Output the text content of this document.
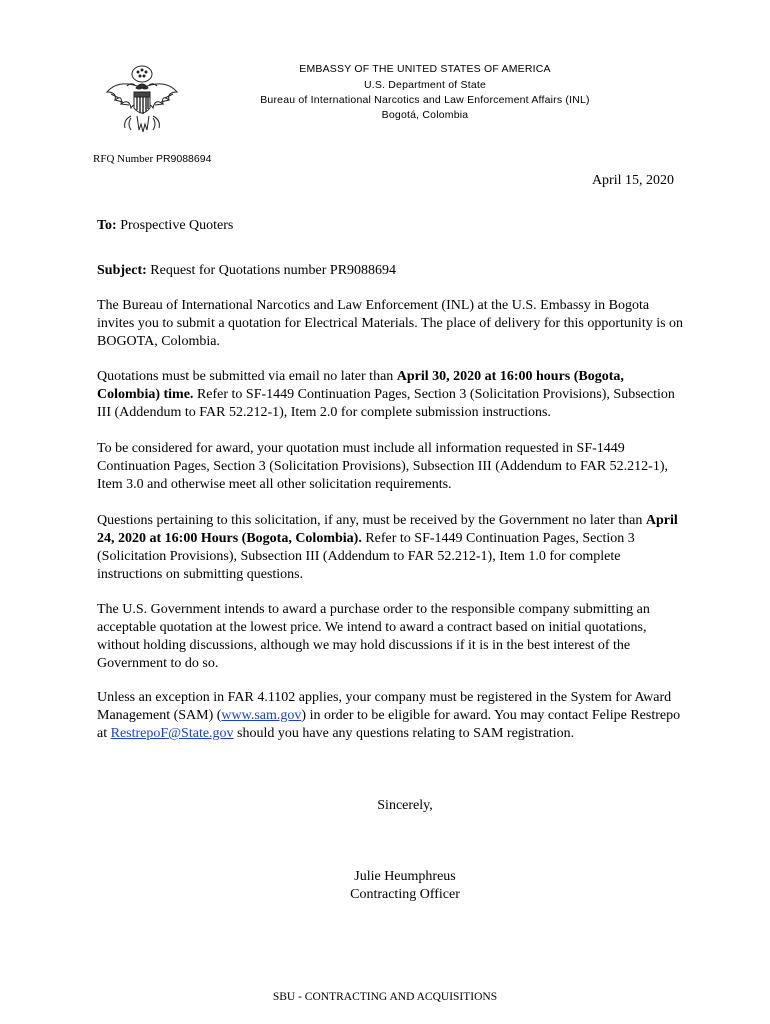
EMBASSY OF THE UNITED STATES OF AMERICA
U.S. Department of State
Bureau of International Narcotics and Law Enforcement Affairs (INL)
Bogotá, Colombia
RFQ Number PR9088694
April 15, 2020
To: Prospective Quoters
Subject: Request for Quotations number PR9088694
The Bureau of International Narcotics and Law Enforcement (INL) at the U.S. Embassy in Bogota invites you to submit a quotation for Electrical Materials. The place of delivery for this opportunity is on BOGOTA, Colombia.
Quotations must be submitted via email no later than April 30, 2020 at 16:00 hours (Bogota, Colombia) time. Refer to SF-1449 Continuation Pages, Section 3 (Solicitation Provisions), Subsection III (Addendum to FAR 52.212-1), Item 2.0 for complete submission instructions.
To be considered for award, your quotation must include all information requested in SF-1449 Continuation Pages, Section 3 (Solicitation Provisions), Subsection III (Addendum to FAR 52.212-1), Item 3.0 and otherwise meet all other solicitation requirements.
Questions pertaining to this solicitation, if any, must be received by the Government no later than April 24, 2020 at 16:00 Hours (Bogota, Colombia). Refer to SF-1449 Continuation Pages, Section 3 (Solicitation Provisions), Subsection III (Addendum to FAR 52.212-1), Item 1.0 for complete instructions on submitting questions.
The U.S. Government intends to award a purchase order to the responsible company submitting an acceptable quotation at the lowest price. We intend to award a contract based on initial quotations, without holding discussions, although we may hold discussions if it is in the best interest of the Government to do so.
Unless an exception in FAR 4.1102 applies, your company must be registered in the System for Award Management (SAM) (www.sam.gov) in order to be eligible for award. You may contact Felipe Restrepo at RestrepoF@State.gov should you have any questions relating to SAM registration.
Sincerely,
Julie Heumphreus
Contracting Officer
SBU - CONTRACTING AND ACQUISITIONS
